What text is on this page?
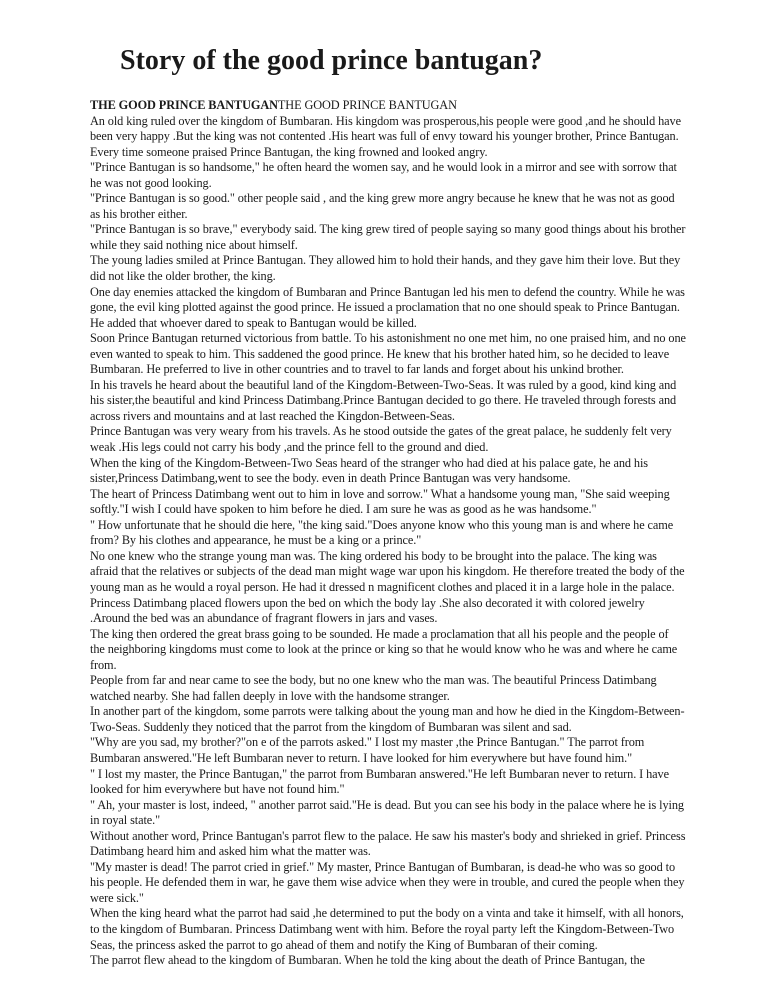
Story of the good prince bantugan?

THE GOOD PRINCE BANTUGANTHE GOOD PRINCE BANTUGAN

An old king ruled over the kingdom of Bumbaran. His kingdom was prosperous,his people were good ,and he should have been very happy .But the king was not contented .His heart was full of envy toward his younger brother, Prince Bantugan. Every time someone praised Prince Bantugan, the king frowned and looked angry.

"Prince Bantugan is so handsome," he often heard the women say, and he would look in a mirror and see with sorrow that he was not good looking.

"Prince Bantugan is so good." other people said , and the king grew more angry because he knew that he was not as good as his brother either.

"Prince Bantugan is so brave," everybody said. The king grew tired of people saying so many good things about his brother while they said nothing nice about himself.

The young ladies smiled at Prince Bantugan. They allowed him to hold their hands, and they gave him their love. But they did not like the older brother, the king.

One day enemies attacked the kingdom of Bumbaran and Prince Bantugan led his men to defend the country. While he was gone, the evil king plotted against the good prince. He issued a proclamation that no one should speak to Prince Bantugan. He added that whoever dared to speak to Bantugan would be killed.

Soon Prince Bantugan returned victorious from battle. To his astonishment no one met him, no one praised him, and no one even wanted to speak to him. This saddened the good prince. He knew that his brother hated him, so he decided to leave Bumbaran. He preferred to live in other countries and to travel to far lands and forget about his unkind brother.

In his travels he heard about the beautiful land of the Kingdom-Between-Two-Seas. It was ruled by a good, kind king and his sister,the beautiful and kind Princess Datimbang.Prince Bantugan decided to go there. He traveled through forests and across rivers and mountains and at last reached the Kingdon-Between-Seas.

Prince Bantugan was very weary from his travels. As he stood outside the gates of the great palace, he suddenly felt very weak .His legs could not carry his body ,and the prince fell to the ground and died.

When the king of the Kingdom-Between-Two Seas heard of the stranger who had died at his palace gate, he and his sister,Princess Datimbang,went to see the body. even in death Prince Bantugan was very handsome.

The heart of Princess Datimbang went out to him in love and sorrow." What a handsome young man, "She said weeping softly."I wish I could have spoken to him before he died. I am sure he was as good as he was handsome."

" How unfortunate that he should die here, "the king said."Does anyone know who this young man is and where he came from? By his clothes and appearance, he must be a king or a prince."

No one knew who the strange young man was. The king ordered his body to be brought into the palace. The king was afraid that the relatives or subjects of the dead man might wage war upon his kingdom. He therefore treated the body of the young man as he would a royal person. He had it dressed n magnificent clothes and placed it in a large hole in the palace. Princess Datimbang placed flowers upon the bed on which the body lay .She also decorated it with colored jewelry .Around the bed was an abundance of fragrant flowers in jars and vases.

The king then ordered the great brass going to be sounded. He made a proclamation that all his people and the people of the neighboring kingdoms must come to look at the prince or king so that he would know who he was and where he came from.

People from far and near came to see the body, but no one knew who the man was. The beautiful Princess Datimbang watched nearby. She had fallen deeply in love with the handsome stranger.

In another part of the kingdom, some parrots were talking about the young man and how he died in the Kingdom-Between-Two-Seas. Suddenly they noticed that the parrot from the kingdom of Bumbaran was silent and sad.

"Why are you sad, my brother?"on e of the parrots asked." I lost my master ,the Prince Bantugan." The parrot from Bumbaran answered."He left Bumbaran never to return. I have looked for him everywhere but have found him."

" I lost my master, the Prince Bantugan," the parrot from Bumbaran answered."He left Bumbaran never to return. I have looked for him everywhere but have not found him."

" Ah, your master is lost, indeed, " another parrot said."He is dead. But you can see his body in the palace where he is lying in royal state."

Without another word, Prince Bantugan's parrot flew to the palace. He saw his master's body and shrieked in grief. Princess Datimbang heard him and asked him what the matter was.

"My master is dead! The parrot cried in grief." My master, Prince Bantugan of Bumbaran, is dead-he who was so good to his people. He defended them in war, he gave them wise advice when they were in trouble, and cured the people when they were sick."

When the king heard what the parrot had said ,he determined to put the body on a vinta and take it himself, with all honors, to the kingdom of Bumbaran. Princess Datimbang went with him. Before the royal party left the Kingdom-Between-Two Seas, the princess asked the parrot to go ahead of them and notify the King of Bumbaran of their coming.

The parrot flew ahead to the kingdom of Bumbaran. When he told the king about the death of Prince Bantugan, the
